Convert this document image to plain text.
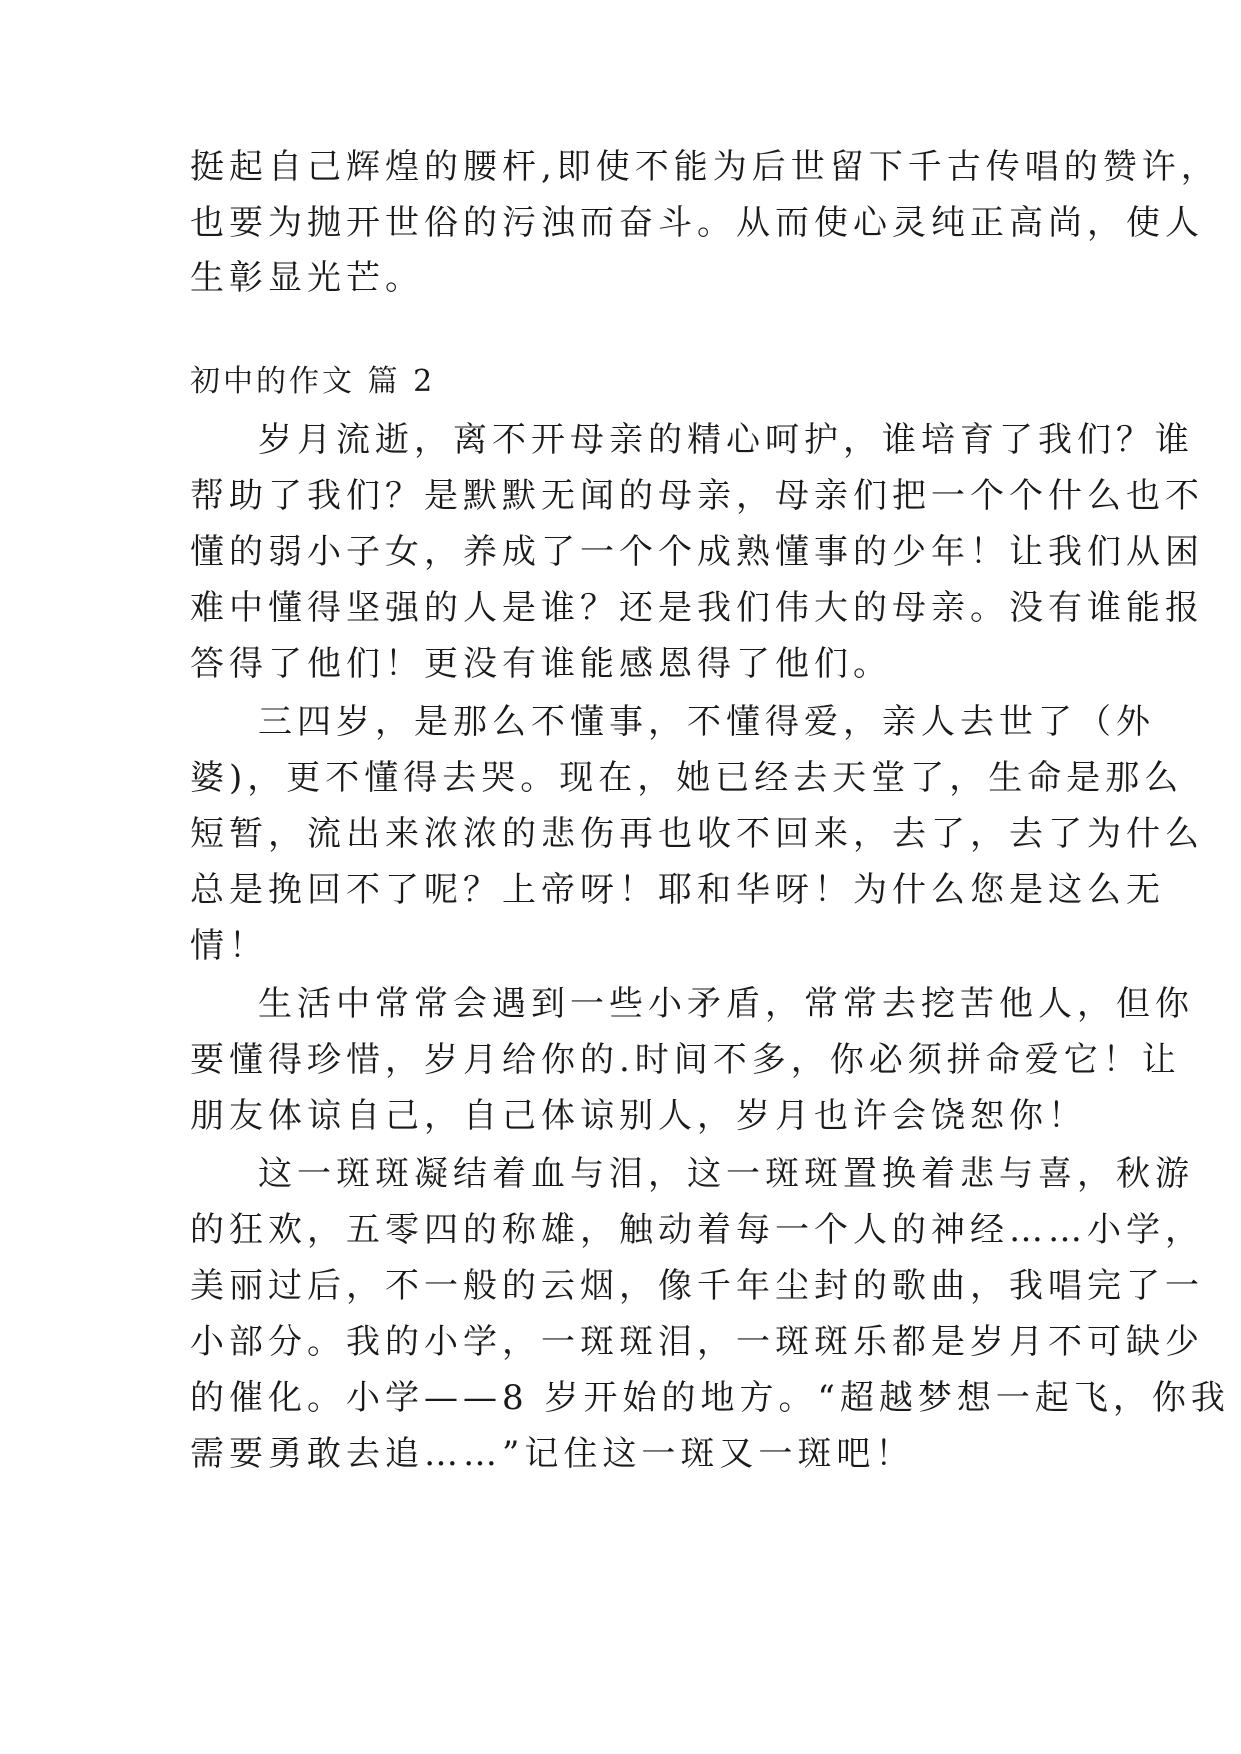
挺起自己辉煌的腰杆,即使不能为后世留下千古传唱的赞许，
也要为抛开世俗的污浊而奋斗。从而使心灵纯正高尚，使人
生彰显光芒。
初中的作文 篇 2
岁月流逝，离不开母亲的精心呵护，谁培育了我们？谁
帮助了我们？是默默无闻的母亲，母亲们把一个个什么也不
懂的弱小子女，养成了一个个成熟懂事的少年！让我们从困
难中懂得坚强的人是谁？还是我们伟大的母亲。没有谁能报
答得了他们！更没有谁能感恩得了他们。
三四岁，是那么不懂事，不懂得爱，亲人去世了（外
婆)，更不懂得去哭。现在，她已经去天堂了，生命是那么
短暂，流出来浓浓的悲伤再也收不回来，去了，去了为什么
总是挽回不了呢？上帝呀！耶和华呀！为什么您是这么无
情！
生活中常常会遇到一些小矛盾，常常去挖苦他人，但你
要懂得珍惜，岁月给你的.时间不多，你必须拼命爱它！让
朋友体谅自己，自己体谅别人，岁月也许会饶恕你！
这一斑斑凝结着血与泪，这一斑斑置换着悲与喜，秋游
的狂欢，五零四的称雄，触动着每一个人的神经……小学，
美丽过后，不一般的云烟，像千年尘封的歌曲，我唱完了一
小部分。我的小学，一斑斑泪，一斑斑乐都是岁月不可缺少
的催化。小学——8 岁开始的地方。“超越梦想一起飞，你我
需要勇敢去追……”记住这一斑又一斑吧！
